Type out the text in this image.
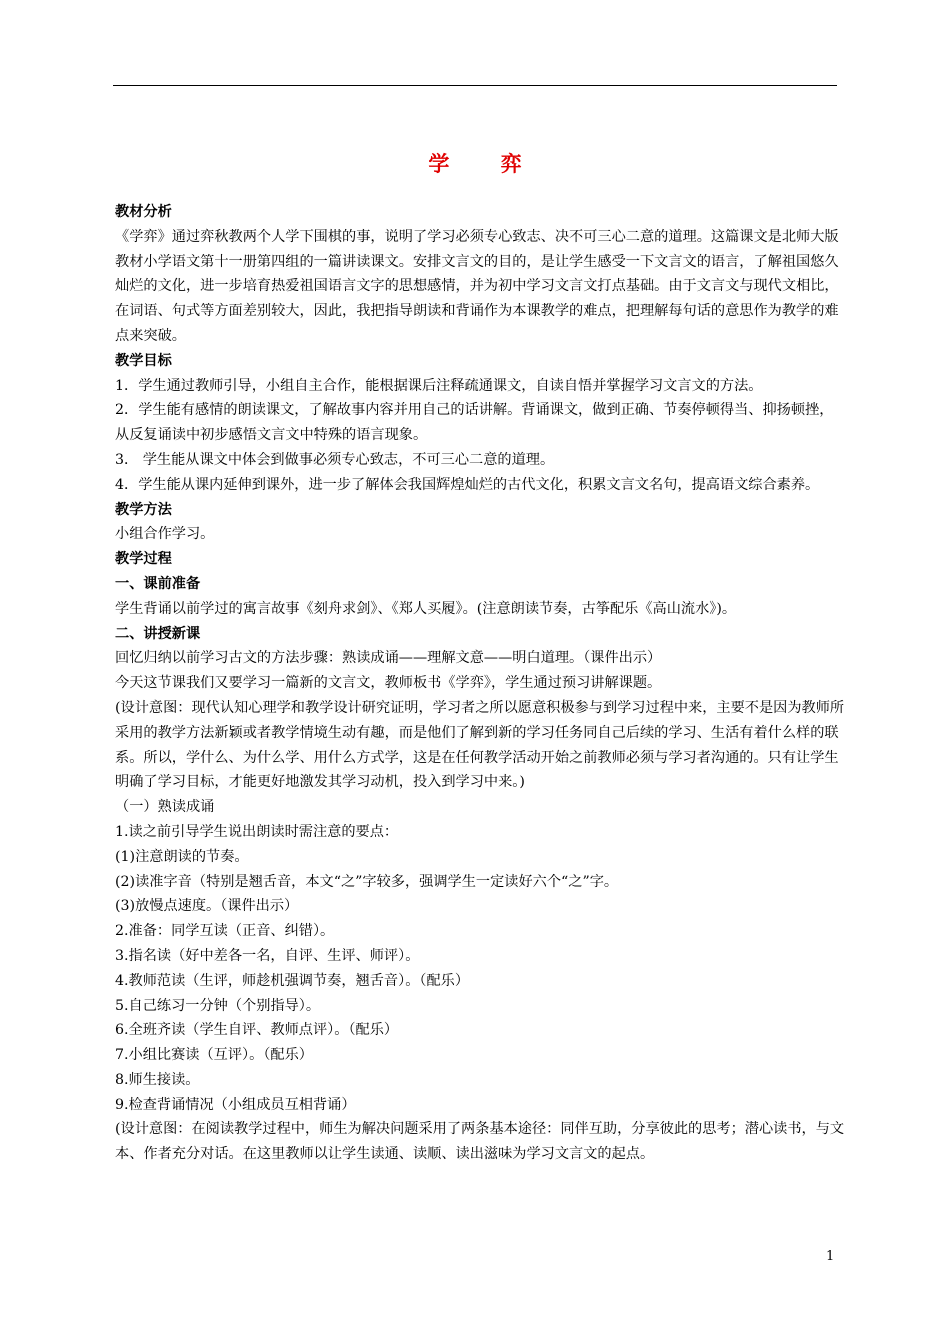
学 弈
教材分析

《学弈》通过弈秋教两个人学下围棋的事，说明了学习必须专心致志、决不可三心二意的道理。这篇课文是北师大版教材小学语文第十一册第四组的一篇讲读课文。安排文言文的目的，是让学生感受一下文言文的语言，了解祖国悠久灿烂的文化，进一步培育热爱祖国语言文字的思想感情，并为初中学习文言文打点基础。由于文言文与现代文相比，在词语、句式等方面差别较大，因此，我把指导朗读和背诵作为本课教学的难点，把理解每句话的意思作为教学的难点来突破。

教学目标

1．学生通过教师引导，小组自主合作，能根据课后注释疏通课文，自读自悟并掌握学习文言文的方法。

2．学生能有感情的朗读课文，了解故事内容并用自己的话讲解。背诵课文，做到正确、节奏停顿得当、抑扬顿挫，从反复诵读中初步感悟文言文中特殊的语言现象。

3． 学生能从课文中体会到做事必须专心致志，不可三心二意的道理。

4．学生能从课内延伸到课外，进一步了解体会我国辉煌灿烂的古代文化，积累文言文名句，提高语文综合素养。

教学方法

小组合作学习。

教学过程
一、课前准备

学生背诵以前学过的寓言故事《刻舟求剑》、《郑人买履》。(注意朗读节奏，古筝配乐《高山流水》)。

二、讲授新课

回忆归纳以前学习古文的方法步骤：熟读成诵——理解文意——明白道理。（课件出示）

今天这节课我们又要学习一篇新的文言文，教师板书《学弈》，学生通过预习讲解课题。

(设计意图：现代认知心理学和教学设计研究证明，学习者之所以愿意积极参与到学习过程中来，主要不是因为教师所采用的教学方法新颖或者教学情境生动有趣，而是他们了解到新的学习任务同自己后续的学习、生活有着什么样的联系。所以，学什么、为什么学、用什么方式学，这是在任何教学活动开始之前教师必须与学习者沟通的。只有让学生明确了学习目标，才能更好地激发其学习动机，投入到学习中来。)

（一）熟读成诵

1.读之前引导学生说出朗读时需注意的要点：

(1)注意朗读的节奏。

(2)读准字音（特别是翘舌音，本文“之”字较多，强调学生一定读好六个“之”字。

(3)放慢点速度。（课件出示）

2.准备：同学互读（正音、纠错）。

3.指名读（好中差各一名，自评、生评、师评）。

4.教师范读（生评，师趁机强调节奏，翘舌音）。（配乐）

5.自己练习一分钟（个别指导）。

6.全班齐读（学生自评、教师点评）。（配乐）

7.小组比赛读（互评）。（配乐）

8.师生接读。

9.检查背诵情况（小组成员互相背诵）

(设计意图：在阅读教学过程中，师生为解决问题采用了两条基本途径：同伴互助，分享彼此的思考；潜心读书，与文本、作者充分对话。在这里教师以让学生读通、读顺、读出滋味为学习文言文的起点。

1
